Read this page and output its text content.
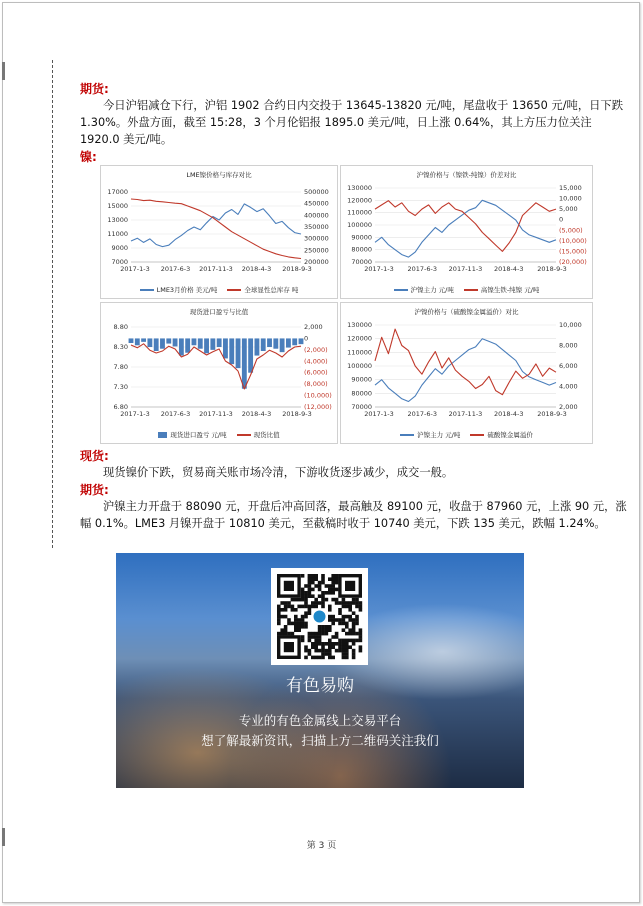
期货:
今日沪铝减仓下行，沪铝 1902 合约日内交投于 13645-13820 元/吨，尾盘收于 13650 元/吨，日下跌 1.30%。外盘方面，截至 15:28，3 个月伦铝报 1895.0 美元/吨，日上涨 0.64%，其上方压力位关注 1920.0 美元/吨。
镍:
LME镍价格与库存对比
17000
15000
13000
11000
9000
7000
500000
450000
400000
350000
300000
250000
200000
2017-1-3 2017-6-3 2017-11-3 2018-4-3 2018-9-3
LME3月价格 美元/吨	全球显性总库存 吨
沪镍价格与（镍铁-纯镍）价差对比
130000
120000
110000
100000
90000
80000
70000
15,000
10,000
5,000
0
(5,000)
(10,000)
(15,000)
(20,000)
2017-1-3 2017-6-3 2017-11-3 2018-4-3 2018-9-3
沪镍主力 元/吨	高镍生铁-纯镍 元/吨
现货进口盈亏与比值
8.80
8.30
7.80
7.30
6.80
2,000
0
(2,000)
(4,000)
(6,000)
(8,000)
(10,000)
(12,000)
2017-1-3 2017-6-3 2017-11-3 2018-4-3 2018-9-3
现货进口盈亏 元/吨	现货比值
沪镍价格与（硫酸镍金属溢价）对比
130000
120000
110000
100000
90000
80000
70000
10,000
8,000
6,000
4,000
2,000
2017-1-3 2017-6-3 2017-11-3 2018-4-3 2018-9-3
沪镍主力 元/吨	硫酸镍金属溢价
现货:
现货镍价下跌，贸易商关账市场冷清，下游收货逐步减少，成交一般。
期货:
沪镍主力开盘于 88090 元，开盘后冲高回落，最高触及 89100 元，收盘于 87960 元，上涨 90 元，涨幅 0.1%。LME3 月镍开盘于 10810 美元，至截稿时收于 10740 美元，下跌 135 美元，跌幅 1.24%。
有色易购
专业的有色金属线上交易平台
想了解最新资讯，扫描上方二维码关注我们
第 3 页
